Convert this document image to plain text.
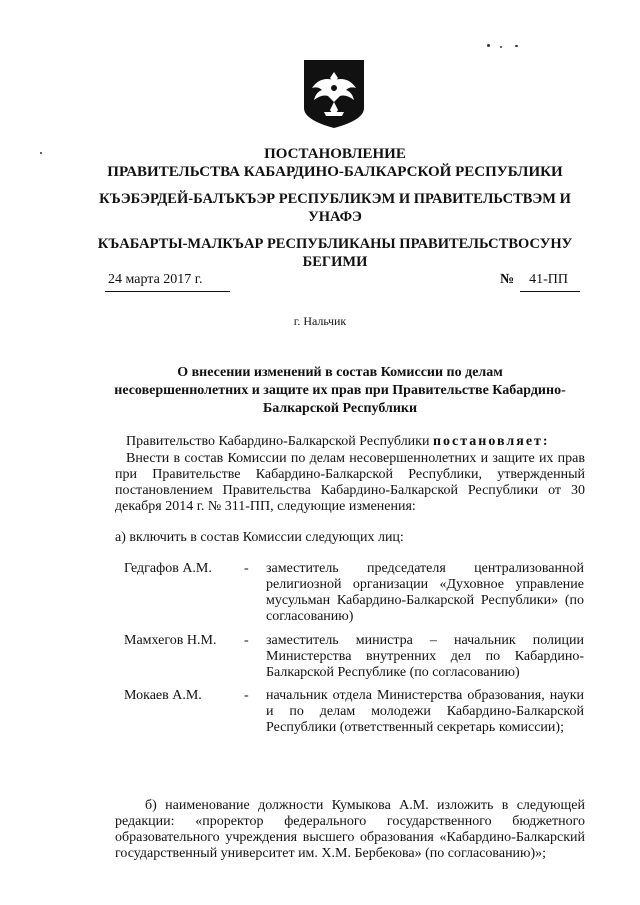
ПОСТАНОВЛЕНИЕ
ПРАВИТЕЛЬСТВА КАБАРДИНО-БАЛКАРСКОЙ РЕСПУБЛИКИ
КЪЭБЭРДЕЙ-БАЛЪКЪЭР РЕСПУБЛИКЭМ И ПРАВИТЕЛЬСТВЭМ И УНАФЭ
КЪАБАРТЫ-МАЛКЪАР РЕСПУБЛИКАНЫ ПРАВИТЕЛЬСТВОСУНУ БЕГИМИ
24 марта 2017 г.	№ 41-ПП
г. Нальчик
О внесении изменений в состав Комиссии по делам несовершеннолетних и защите их прав при Правительстве Кабардино-Балкарской Республики
Правительство Кабардино-Балкарской Республики постановляет:
Внести в состав Комиссии по делам несовершеннолетних и защите их прав при Правительстве Кабардино-Балкарской Республики, утвержденный постановлением Правительства Кабардино-Балкарской Республики от 30 декабря 2014 г. № 311-ПП, следующие изменения:
а) включить в состав Комиссии следующих лиц:
Гедгафов А.М. - заместитель председателя централизованной религиозной организации «Духовное управление мусульман Кабардино-Балкарской Республики» (по согласованию)
Мамхегов Н.М. - заместитель министра – начальник полиции Министерства внутренних дел по Кабардино-Балкарской Республике (по согласованию)
Мокаев А.М.	- начальник отдела Министерства образования, науки и по делам молодежи Кабардино-Балкарской Республики (ответственный секретарь комиссии);
б) наименование должности Кумыкова А.М. изложить в следующей редакции: «проректор федерального государственного бюджетного образовательного учреждения высшего образования «Кабардино-Балкарский государственный университет им. Х.М. Бербекова» (по согласованию)»;
